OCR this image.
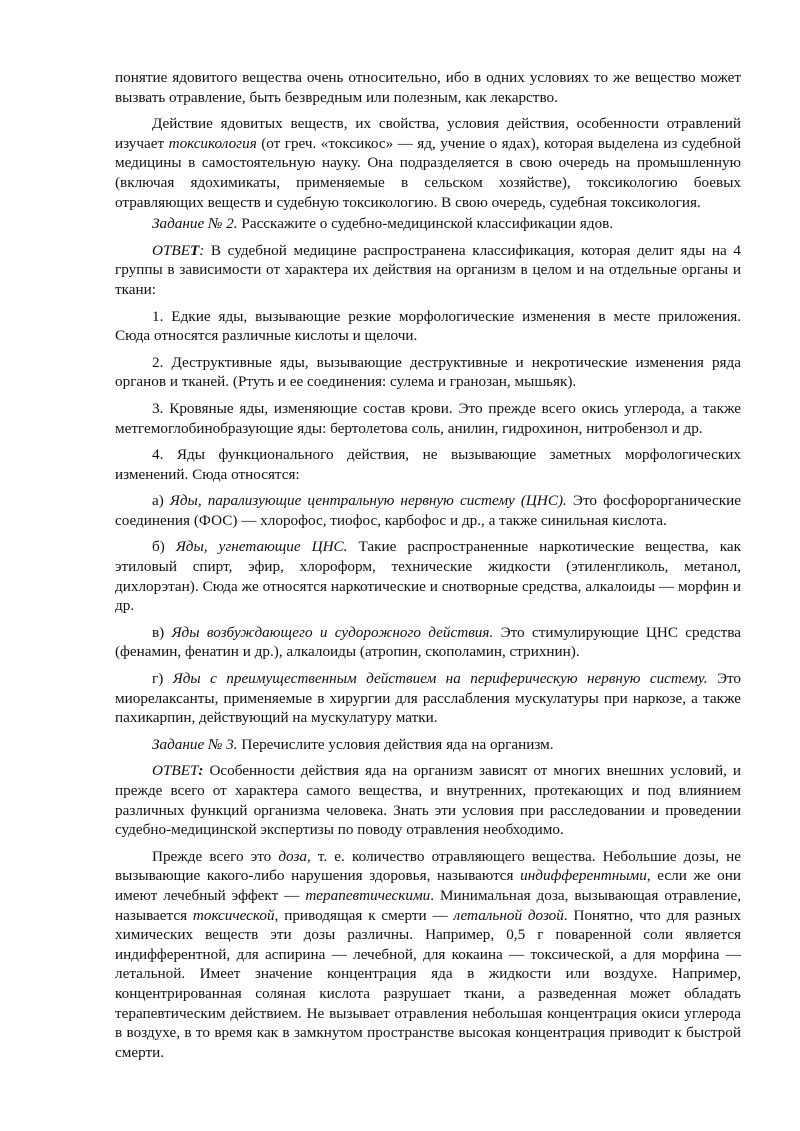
понятие ядовитого вещества очень относительно, ибо в одних условиях то же вещество может вызвать отравление, быть безвредным или полезным, как лекарство.

Действие ядовитых веществ, их свойства, условия действия, особенности отравлений изучает токсикология (от греч. «токсикос» — яд, учение о ядах), которая выделена из судебной медицины в самостоятельную науку. Она подразделяется в свою очередь на промышленную (включая ядохимикаты, применяемые в сельском хозяйстве), токсикологию боевых отравляющих веществ и судебную токсикологию. В свою очередь, судебная токсикология.

Задание № 2. Расскажите о судебно-медицинской классификации ядов.

ОТВЕТ: В судебной медицине распространена классификация, которая делит яды на 4 группы в зависимости от характера их действия на организм в целом и на отдельные органы и ткани:

1. Едкие яды, вызывающие резкие морфологические изменения в месте приложения. Сюда относятся различные кислоты и щелочи.

2. Деструктивные яды, вызывающие деструктивные и некротические изменения ряда органов и тканей. (Ртуть и ее соединения: сулема и гранозан, мышьяк).

3. Кровяные яды, изменяющие состав крови. Это прежде всего окись углерода, а также метгемоглобинобразующие яды: бертолетова соль, анилин, гидрохинон, нитробензол и др.

4. Яды функционального действия, не вызывающие заметных морфологических изменений. Сюда относятся:

а) Яды, парализующие центральную нервную систему (ЦНС). Это фосфорорганические соединения (ФОС) — хлорофос, тиофос, карбофос и др., а также синильная кислота.

б) Яды, угнетающие ЦНС. Такие распространенные наркотические вещества, как этиловый спирт, эфир, хлороформ, технические жидкости (этиленгликоль, метанол, дихлорэтан). Сюда же относятся наркотические и снотворные средства, алкалоиды — морфин и др.

в) Яды возбуждающего и судорожного действия. Это стимулирующие ЦНС средства (фенамин, фенатин и др.), алкалоиды (атропин, скополамин, стрихнин).

г) Яды с преимущественным действием на периферическую нервную систему. Это миорелаксанты, применяемые в хирургии для расслабления мускулатуры при наркозе, а также пахикарпин, действующий на мускулатуру матки.

Задание № 3. Перечислите условия действия яда на организм.

ОТВЕТ: Особенности действия яда на организм зависят от многих внешних условий, и прежде всего от характера самого вещества, и внутренних, протекающих и под влиянием различных функций организма человека. Знать эти условия при расследовании и проведении судебно-медицинской экспертизы по поводу отравления необходимо.

Прежде всего это доза, т. е. количество отравляющего вещества. Небольшие дозы, не вызывающие какого-либо нарушения здоровья, называются индифферентными, если же они имеют лечебный эффект — терапевтическими. Минимальная доза, вызывающая отравление, называется токсической, приводящая к смерти — летальной дозой. Понятно, что для разных химических веществ эти дозы различны. Например, 0,5 г поваренной соли является индифферентной, для аспирина — лечебной, для кокаина — токсической, а для морфина — летальной. Имеет значение концентрация яда в жидкости или воздухе. Например, концентрированная соляная кислота разрушает ткани, а разведенная может обладать терапевтическим действием. Не вызывает отравления небольшая концентрация окиси углерода в воздухе, в то время как в замкнутом пространстве высокая концентрация приводит к быстрой смерти.
